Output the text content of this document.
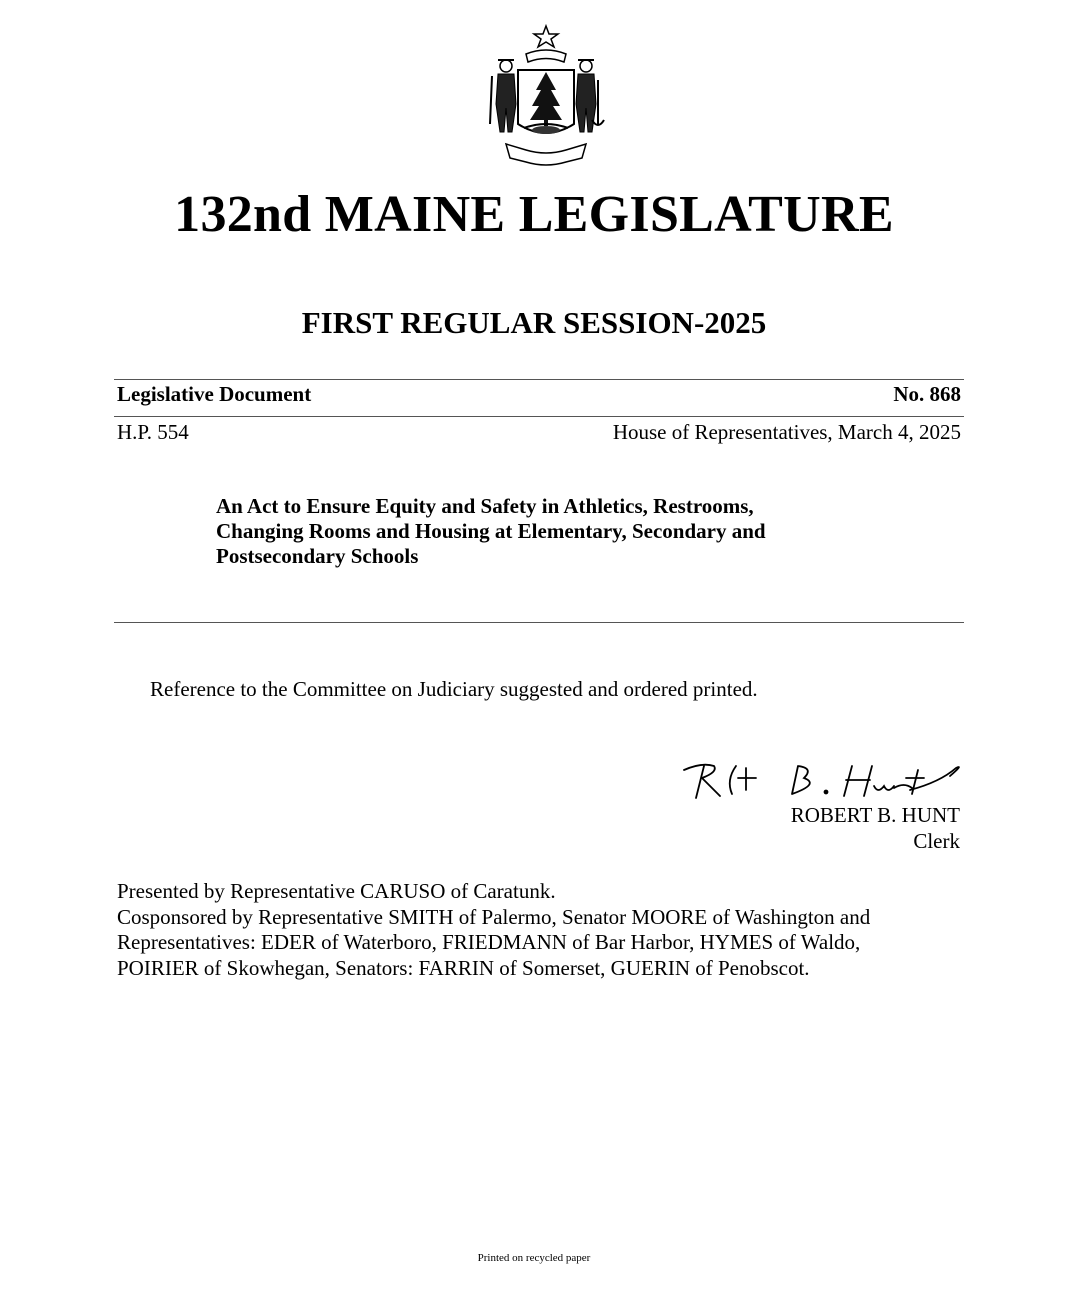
132nd MAINE LEGISLATURE
FIRST REGULAR SESSION-2025
Legislative Document	No. 868
H.P. 554	House of Representatives, March 4, 2025
An Act to Ensure Equity and Safety in Athletics, Restrooms,
Changing Rooms and Housing at Elementary, Secondary and
Postsecondary Schools
Reference to the Committee on Judiciary suggested and ordered printed.
ROBERT B. HUNT
Clerk
Presented by Representative CARUSO of Caratunk.
Cosponsored by Representative SMITH of Palermo, Senator MOORE of Washington and
Representatives: EDER of Waterboro, FRIEDMANN of Bar Harbor, HYMES of Waldo,
POIRIER of Skowhegan, Senators: FARRIN of Somerset, GUERIN of Penobscot.
Printed on recycled paper
